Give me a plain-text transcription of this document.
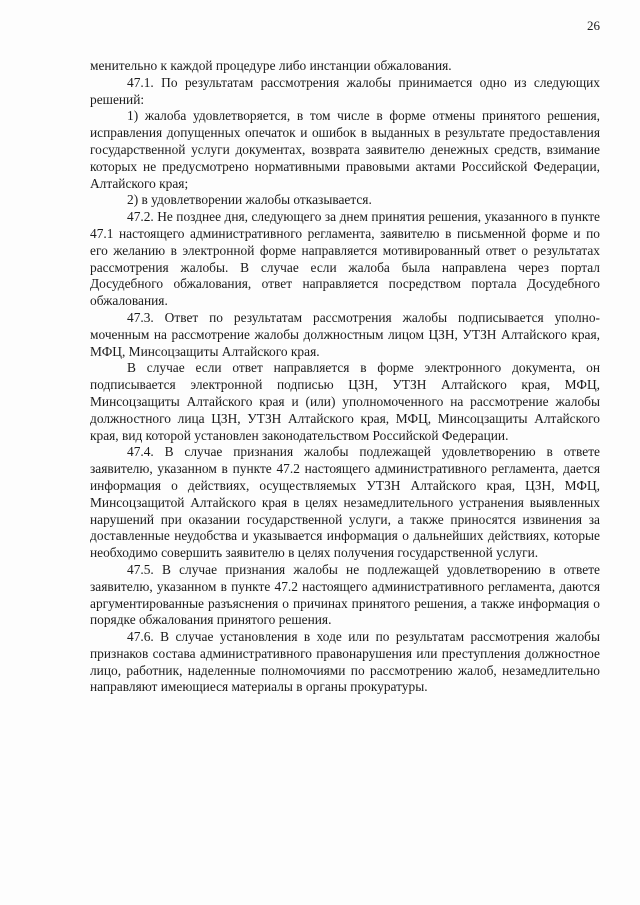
26

менительно к каждой процедуре либо инстанции обжалования.

47.1. По результатам рассмотрения жалобы принимается одно из следующих решений:

1) жалоба удовлетворяется, в том числе в форме отмены принятого решения, исправления допущенных опечаток и ошибок в выданных в результате предоставления государственной услуги документах, возврата заявителю денежных средств, взимание которых не предусмотрено нормативными правовыми актами Российской Федерации, Алтайского края;

2) в удовлетворении жалобы отказывается.

47.2. Не позднее дня, следующего за днем принятия решения, указанного в пункте 47.1 настоящего административного регламента, заявителю в письменной форме и по его желанию в электронной форме направляется мотивированный ответ о результатах рассмотрения жалобы. В случае если жалоба была направлена через портал Досудебного обжалования, ответ направляется посредством портала Досудебного обжалования.

47.3. Ответ по результатам рассмотрения жалобы подписывается уполномоченным на рассмотрение жалобы должностным лицом ЦЗН, УТЗН Алтайского края, МФЦ, Минсоцзащиты Алтайского края.

В случае если ответ направляется в форме электронного документа, он подписывается электронной подписью ЦЗН, УТЗН Алтайского края, МФЦ, Минсоцзащиты Алтайского края и (или) уполномоченного на рассмотрение жалобы должностного лица ЦЗН, УТЗН Алтайского края, МФЦ, Минсоцзащиты Алтайского края, вид которой установлен законодательством Российской Федерации.

47.4. В случае признания жалобы подлежащей удовлетворению в ответе заявителю, указанном в пункте 47.2 настоящего административного регламента, дается информация о действиях, осуществляемых УТЗН Алтайского края, ЦЗН, МФЦ, Минсоцзащитой Алтайского края в целях незамедлительного устранения выявленных нарушений при оказании государственной услуги, а также приносятся извинения за доставленные неудобства и указывается информация о дальнейших действиях, которые необходимо совершить заявителю в целях получения государственной услуги.

47.5. В случае признания жалобы не подлежащей удовлетворению в ответе заявителю, указанном в пункте 47.2 настоящего административного регламента, даются аргументированные разъяснения о причинах принятого решения, а также информация о порядке обжалования принятого решения.

47.6. В случае установления в ходе или по результатам рассмотрения жалобы признаков состава административного правонарушения или преступления должностное лицо, работник, наделенные полномочиями по рассмотрению жалоб, незамедлительно направляют имеющиеся материалы в органы прокуратуры.
